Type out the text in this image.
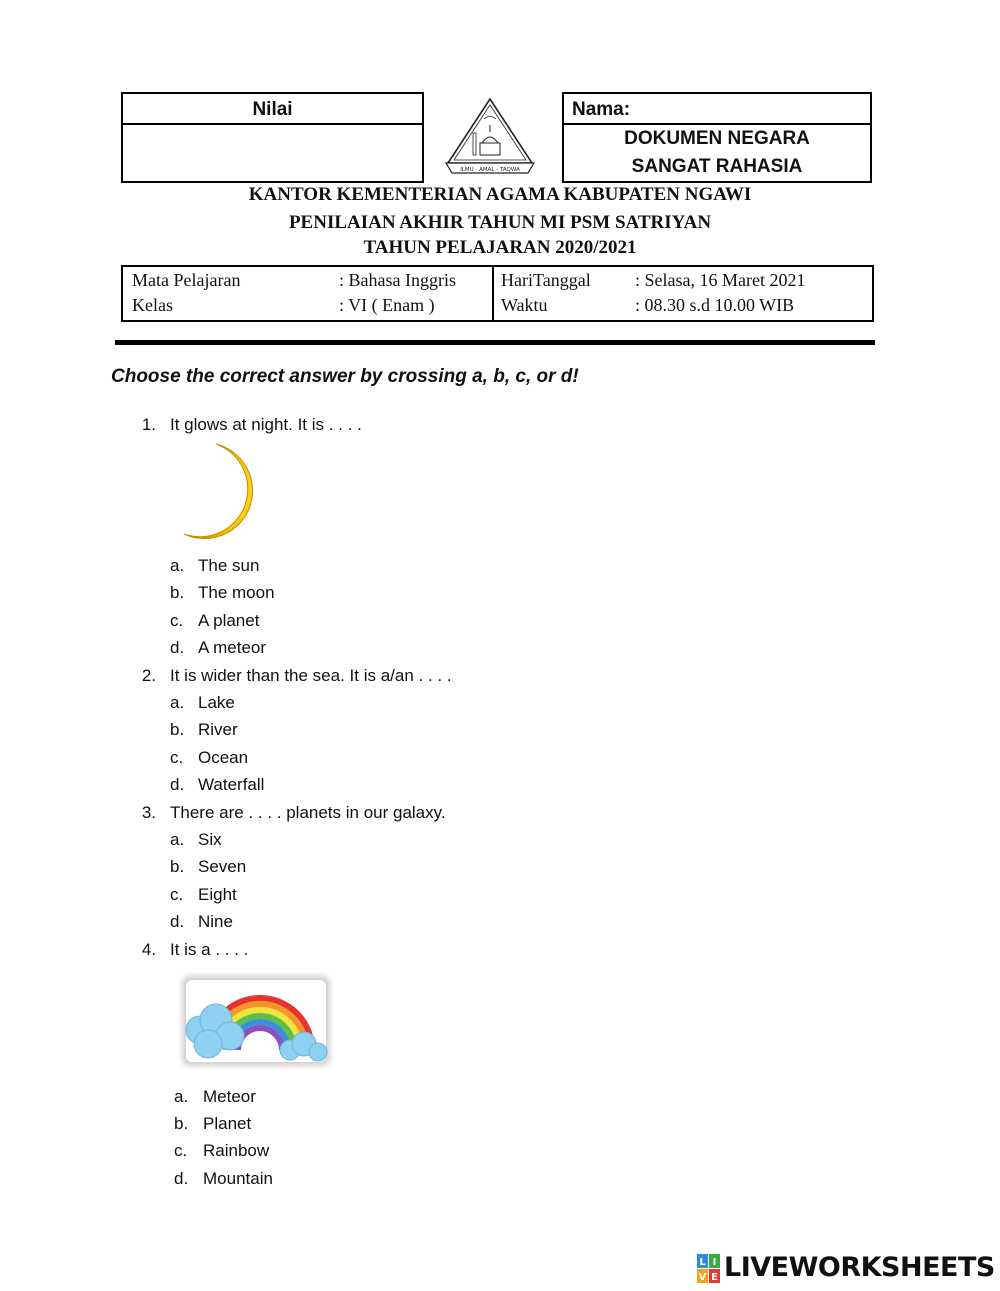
Nilai
ILMU - AMAL - TAQWA
Nama:
DOKUMEN NEGARA
SANGAT RAHASIA
KANTOR KEMENTERIAN AGAMA KABUPATEN NGAWI
PENILAIAN AKHIR TAHUN MI PSM SATRIYAN
TAHUN PELAJARAN 2020/2021
Mata Pelajaran	: Bahasa Inggris
Kelas	: VI ( Enam )
HariTanggal : Selasa, 16 Maret 2021
Waktu	: 08.30 s.d 10.00 WIB
Choose the correct answer by crossing a, b, c, or d!
1. It glows at night. It is . . . .
a. The sun
b. The moon
c. A planet
d. A meteor
2. It is wider than the sea. It is a/an . . . .
a. Lake
b. River
c. Ocean
d. Waterfall
3. There are . . . . planets in our galaxy.
a. Six
b. Seven
c. Eight
d. Nine
4. It is a . . . .
a. Meteor
b. Planet
c. Rainbow
d. Mountain
L I
V E LIVEWORKSHEETS
